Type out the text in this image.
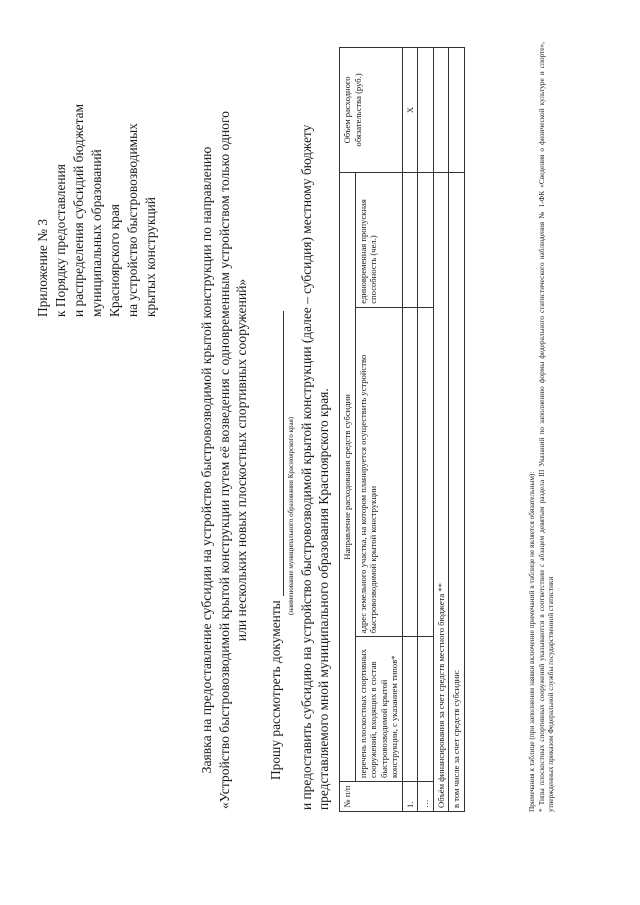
Приложение № 3 к Порядку предоставления и распределения субсидий бюджетам муниципальных образований Красноярского края на устройство быстровозводимых крытых конструкций	Заявка на предоставление субсидии на устройство быстровозводимой крытой конструкции по направлению «Устройство быстровозводимой крытой конструкции путем её возведения с одновременным устройством только одного или нескольких новых плоскостных спортивных сооружений»
Прошу рассмотреть документы
(наименование муниципального образования Красноярского края) и предоставить субсидию на устройство быстровозводимой крытой конструкции (далее – субсидия) местному бюджету представляемого мной муниципального образования Красноярского края. № п/п	Направление расходования средств субсидии			Объем расходного обязательства (руб.)
	перечень плоскостных спортивных сооружений, входящих в состав быстровозводимой крытой конструкции, с указанием типов*	адрес земельного участка, на котором планируется осуществить устройство быстровозводимой крытой конструкции	единовременная пропускная способность (чел.)	
1.				Х
…				
Объём финансирования за счет средств местного бюджета **				
в том числе за счет средств субсидии:					Примечания к таблице (при заполнении заявки включение примечаний в таблице не является обязательным): * Типы плоскостных спортивных сооружений указываются в соответствии с абзацем девятым раздела III Указаний по заполнению формы федерального статистического наблюдения № 1-ФК «Сведения о физической культуре и спорте», утвержденных приказом Федеральной службы государственной статистики
